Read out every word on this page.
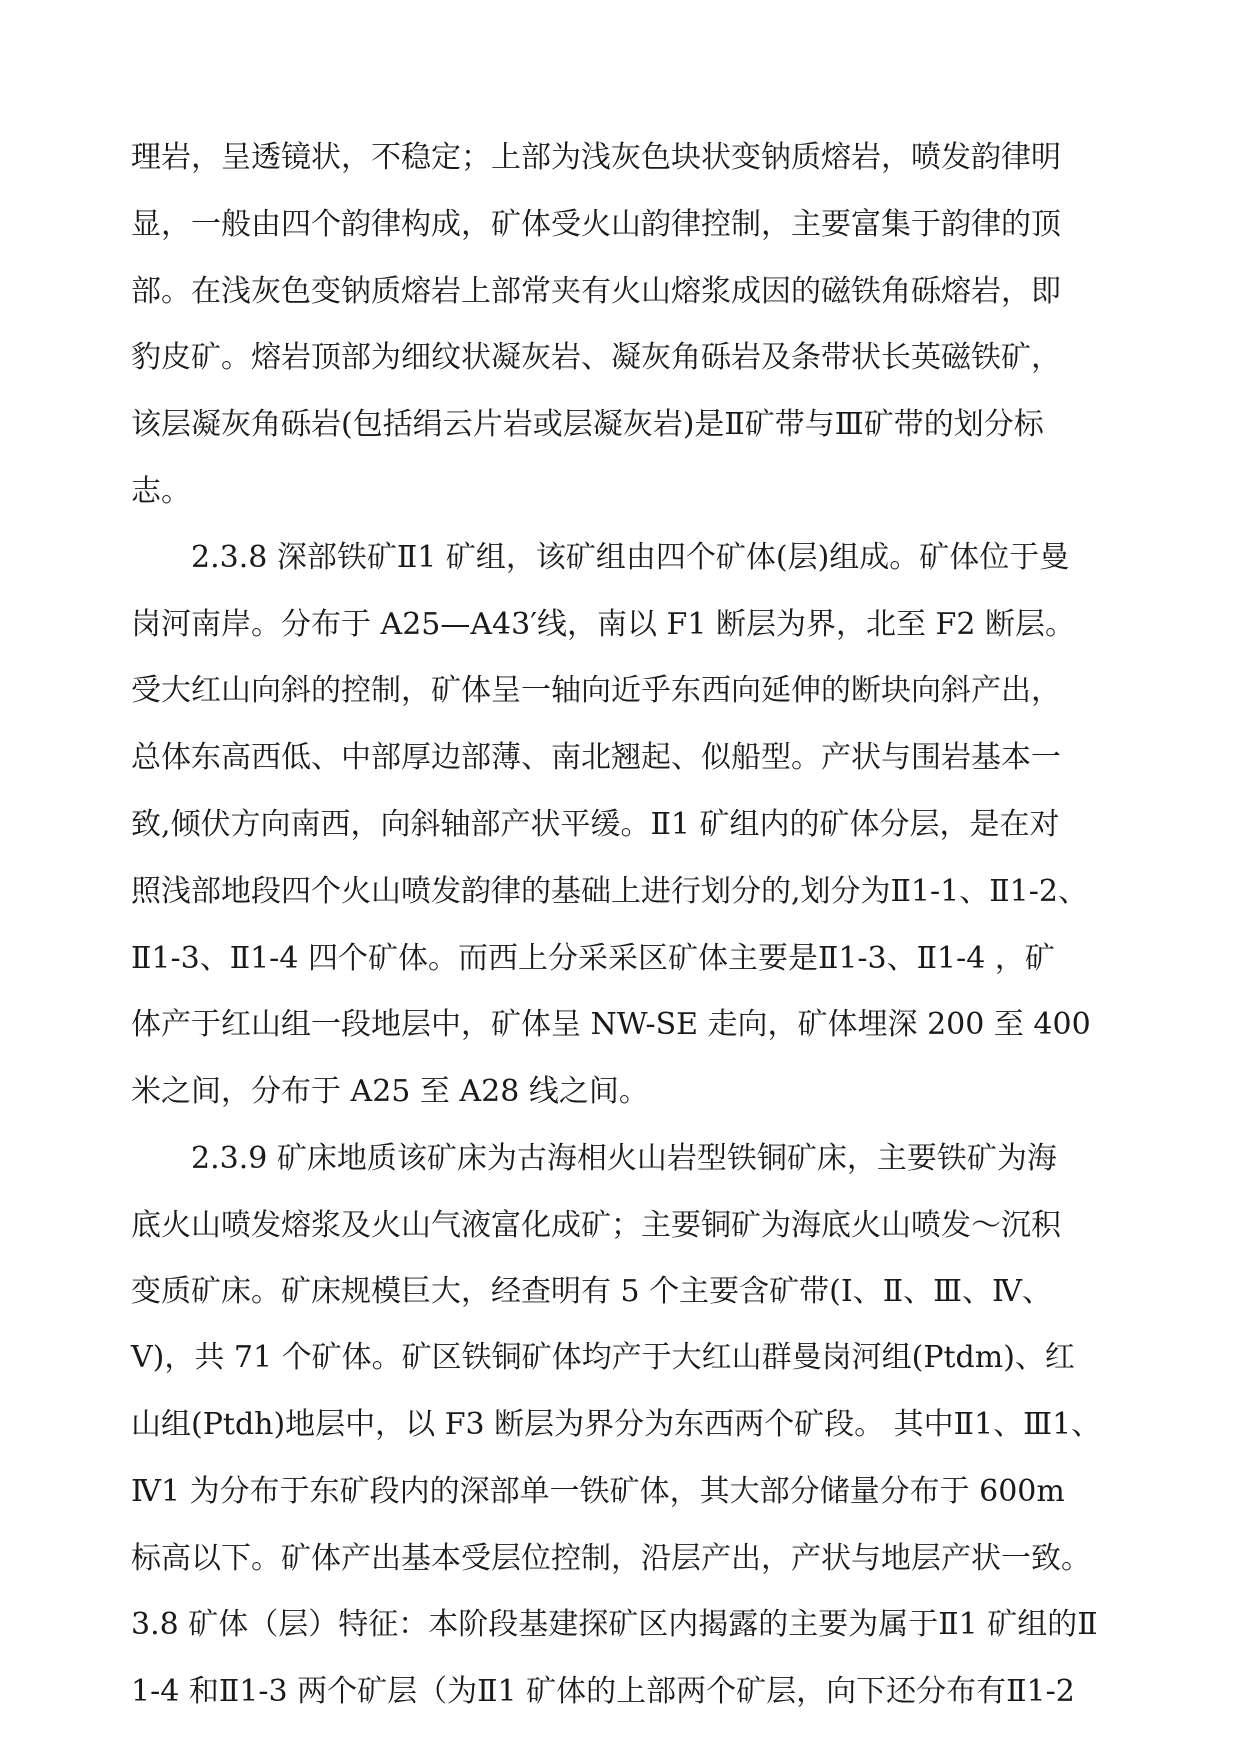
理岩，呈透镜状，不稳定；上部为浅灰色块状变钠质熔岩，喷发韵律明
显，一般由四个韵律构成，矿体受火山韵律控制，主要富集于韵律的顶
部。在浅灰色变钠质熔岩上部常夹有火山熔浆成因的磁铁角砾熔岩，即
豹皮矿。熔岩顶部为细纹状凝灰岩、凝灰角砾岩及条带状长英磁铁矿，
该层凝灰角砾岩(包括绢云片岩或层凝灰岩)是Ⅱ矿带与Ⅲ矿带的划分标
志。
2.3.8 深部铁矿Ⅱ1 矿组，该矿组由四个矿体(层)组成。矿体位于曼
岗河南岸。分布于 A25—A43′线，南以 F1 断层为界，北至 F2 断层。
受大红山向斜的控制，矿体呈一轴向近乎东西向延伸的断块向斜产出，
总体东高西低、中部厚边部薄、南北翘起、似船型。产状与围岩基本一
致,倾伏方向南西，向斜轴部产状平缓。Ⅱ1 矿组内的矿体分层，是在对
照浅部地段四个火山喷发韵律的基础上进行划分的,划分为Ⅱ1-1、Ⅱ1-2、
Ⅱ1-3、Ⅱ1-4 四个矿体。而西上分采采区矿体主要是Ⅱ1-3、Ⅱ1-4 ，矿
体产于红山组一段地层中，矿体呈 NW-SE 走向，矿体埋深 200 至 400
米之间，分布于 A25 至 A28 线之间。
2.3.9 矿床地质该矿床为古海相火山岩型铁铜矿床，主要铁矿为海
底火山喷发熔浆及火山气液富化成矿；主要铜矿为海底火山喷发～沉积
变质矿床。矿床规模巨大，经查明有 5 个主要含矿带(Ⅰ、Ⅱ、Ⅲ、Ⅳ、
Ⅴ)，共 71 个矿体。矿区铁铜矿体均产于大红山群曼岗河组(Ptdm)、红
山组(Ptdh)地层中，以 F3 断层为界分为东西两个矿段。 其中Ⅱ1、Ⅲ1、
Ⅳ1 为分布于东矿段内的深部单一铁矿体，其大部分储量分布于 600m
标高以下。矿体产出基本受层位控制，沿层产出，产状与地层产状一致。
3.8 矿体（层）特征：本阶段基建探矿区内揭露的主要为属于Ⅱ1 矿组的Ⅱ
1-4 和Ⅱ1-3 两个矿层（为Ⅱ1 矿体的上部两个矿层，向下还分布有Ⅱ1-2
